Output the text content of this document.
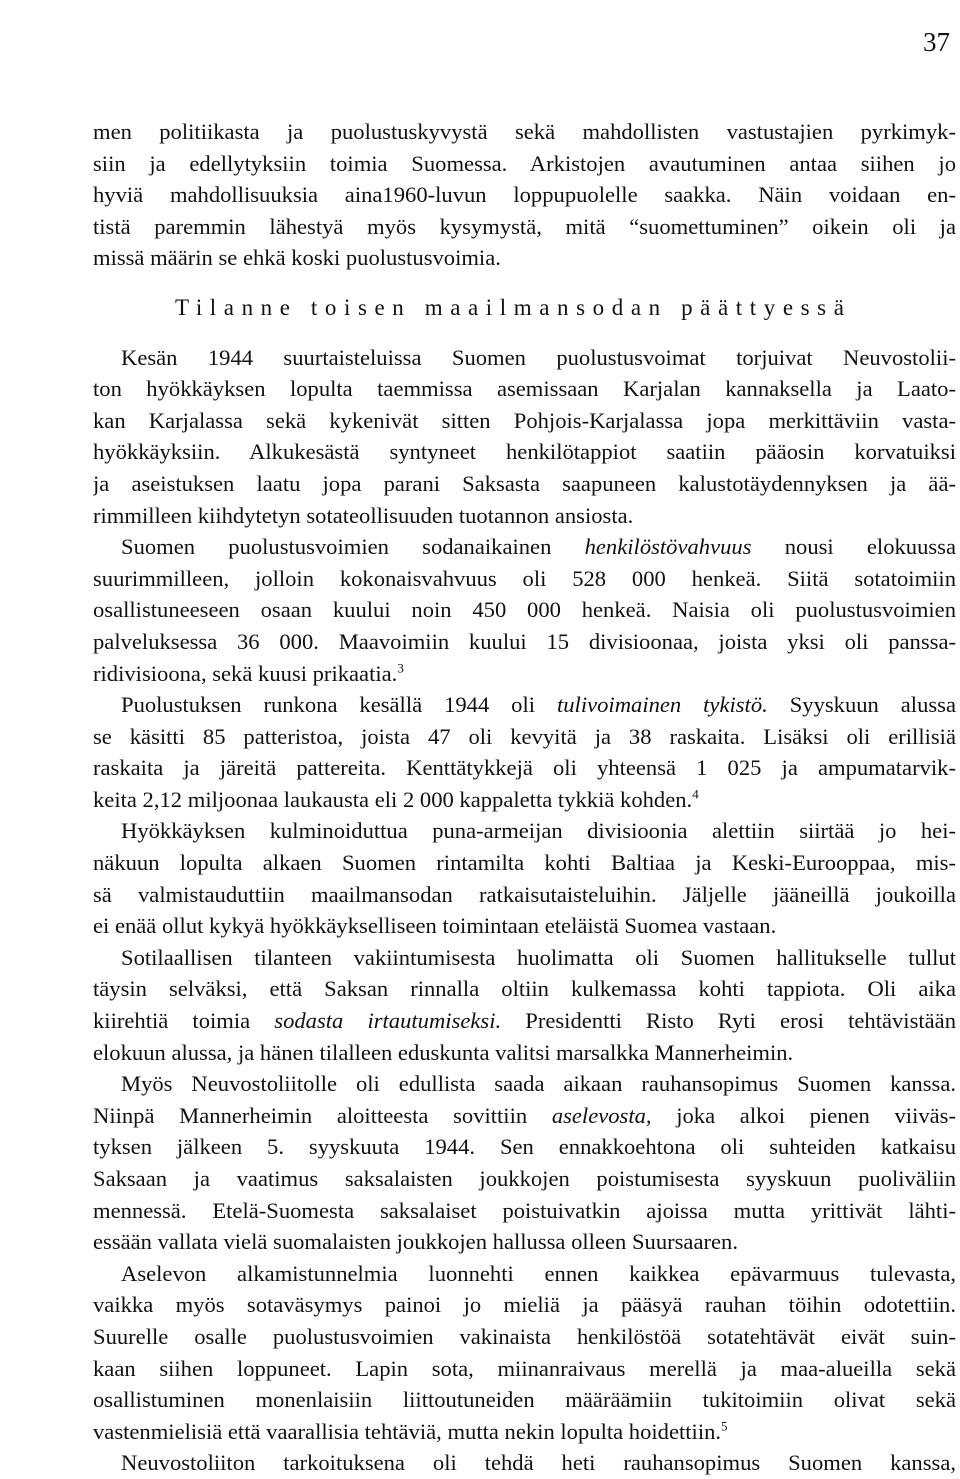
37
men politiikasta ja puolustuskyvystä sekä mahdollisten vastustajien pyrkimyk-
siin ja edellytyksiin toimia Suomessa. Arkistojen avautuminen antaa siihen jo
hyviä mahdollisuuksia aina1960-luvun loppupuolelle saakka. Näin voidaan en-
tistä paremmin lähestyä myös kysymystä, mitä “suomettuminen” oikein oli ja
missä määrin se ehkä koski puolustusvoimia.
Tilanne toisen maailmansodan päättyessä
Kesän 1944 suurtaisteluissa Suomen puolustusvoimat torjuivat Neuvostolii-
ton hyökkäyksen lopulta taemmissa asemissaan Karjalan kannaksella ja Laato-
kan Karjalassa sekä kykenivät sitten Pohjois-Karjalassa jopa merkittäviin vasta-
hyökkäyksiin. Alkukesästä syntyneet henkilötappiot saatiin pääosin korvatuiksi
ja aseistuksen laatu jopa parani Saksasta saapuneen kalustotäydennyksen ja ää-
rimmilleen kiihdytetyn sotateollisuuden tuotannon ansiosta.
Suomen puolustusvoimien sodanaikainen henkilöstövahvuus nousi elokuussa
suurimmilleen, jolloin kokonaisvahvuus oli 528 000 henkeä. Siitä sotatoimiin
osallistuneeseen osaan kuului noin 450 000 henkeä. Naisia oli puolustusvoimien
palveluksessa 36 000. Maavoimiin kuului 15 divisioonaa, joista yksi oli panssa-
ridivisioona, sekä kuusi prikaatia.$^3$
Puolustuksen runkona kesällä 1944 oli tulivoimainen tykistö. Syyskuun alussa
se käsitti 85 patteristoa, joista 47 oli kevyitä ja 38 raskaita. Lisäksi oli erillisiä
raskaita ja järeitä pattereita. Kenttätykkejä oli yhteensä 1 025 ja ampumatarvik-
keita 2,12 miljoonaa laukausta eli 2 000 kappaletta tykkiä kohden.$^4$
Hyökkäyksen kulminoiduttua puna-armeijan divisioonia alettiin siirtää jo hei-
näkuun lopulta alkaen Suomen rintamilta kohti Baltiaa ja Keski-Eurooppaa, mis-
sä valmistauduttiin maailmansodan ratkaisutaisteluihin. Jäljelle jääneillä joukoilla
ei enää ollut kykyä hyökkäykselliseen toimintaan eteläistä Suomea vastaan.
Sotilaallisen tilanteen vakiintumisesta huolimatta oli Suomen hallitukselle tullut
täysin selväksi, että Saksan rinnalla oltiin kulkemassa kohti tappiota. Oli aika
kiirehtiä toimia sodasta irtautumiseksi. Presidentti Risto Ryti erosi tehtävistään
elokuun alussa, ja hänen tilalleen eduskunta valitsi marsalkka Mannerheimin.
Myös Neuvostoliitolle oli edullista saada aikaan rauhansopimus Suomen kanssa.
Niinpä Mannerheimin aloitteesta sovittiin aselevosta, joka alkoi pienen viiväs-
tyksen jälkeen 5. syyskuuta 1944. Sen ennakkoehtona oli suhteiden katkaisu
Saksaan ja vaatimus saksalaisten joukkojen poistumisesta syyskuun puoliväliin
mennessä. Etelä-Suomesta saksalaiset poistuivatkin ajoissa mutta yrittivät lähti-
essään vallata vielä suomalaisten joukkojen hallussa olleen Suursaaren.
Aselevon alkamistunnelmia luonnehti ennen kaikkea epävarmuus tulevasta,
vaikka myös sotaväsymys painoi jo mieliä ja pääsyä rauhan töihin odotettiin.
Suurelle osalle puolustusvoimien vakinaista henkilöstöä sotatehtävät eivät suin-
kaan siihen loppuneet. Lapin sota, miinanraivaus merellä ja maa-alueilla sekä
osallistuminen monenlaisiin liittoutuneiden määräämiin tukitoimiin olivat sekä
vastenmielisiä että vaarallisia tehtäviä, mutta nekin lopulta hoidettiin.$^5$
Neuvostoliiton tarkoituksena oli tehdä heti rauhansopimus Suomen kanssa,
